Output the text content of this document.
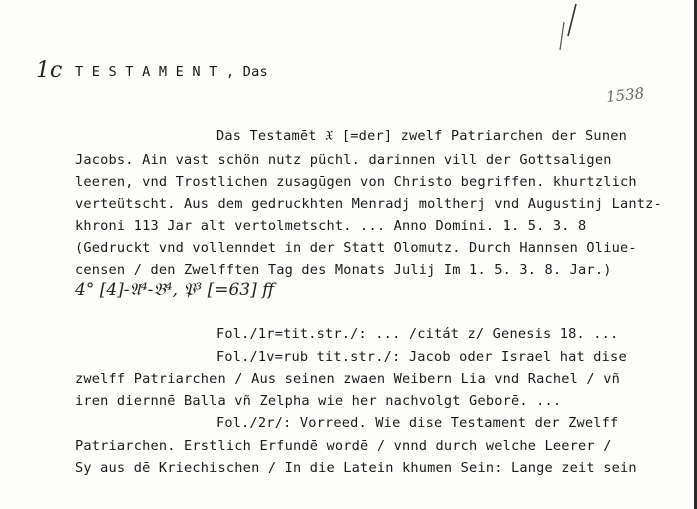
1c T E S T A M E N T , Das
1538
Das Testamēt 𝔛 [=der] zwelf Patriarchen der Sunen
Jacobs. Ain vast schön nutz püchl. darinnen vill der Gottsaligen
leeren, vnd Trostlichen zusagūgen von Christo begriffen. khurtzlich
verteütscht. Aus dem gedruckhten Menradj moltherj vnd Augustinj Lantz-
khroni 113 Jar alt vertolmetscht. ... Anno Domini. 1. 5. 3. 8
(Gedruckt vnd vollenndet in der Statt Olomutz. Durch Hannsen Oliue-
censen / den Zwelfften Tag des Monats Julij Im 1. 5. 3. 8. Jar.)
4° [4]-𝔄⁴-𝔅⁴, 𝔓³ [=63] ff
Fol./1r=tit.str./: ... /citát z/ Genesis 18. ...
Fol./1v=rub tit.str./: Jacob oder Israel hat dise
zwelff Patriarchen / Aus seinen zwaen Weibern Lia vnd Rachel / vñ
iren diernnē Balla vñ Zelpha wie her nachvolgt Geborē. ...
Fol./2r/: Vorreed. Wie dise Testament der Zwelff
Patriarchen. Erstlich Erfundē wordē / vnnd durch welche Leerer /
Sy aus dē Kriechischen / In die Latein khumen Sein: Lange zeit sein
